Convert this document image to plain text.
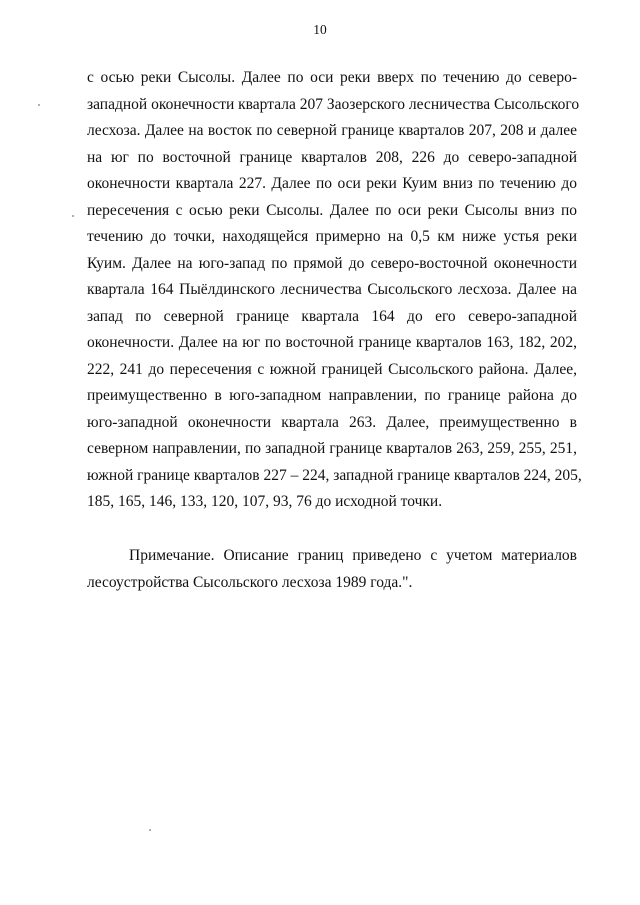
10
с осью реки Сысолы. Далее по оси реки вверх по течению до северо-
западной оконечности квартала 207 Заозерского лесничества Сысольского
лесхоза. Далее на восток по северной границе кварталов 207, 208 и далее
на юг по восточной границе кварталов 208, 226 до северо-западной
оконечности квартала 227. Далее по оси реки Куим вниз по течению до
пересечения с осью реки Сысолы. Далее по оси реки Сысолы вниз по
течению до точки, находящейся примерно на 0,5 км ниже устья реки
Куим. Далее на юго-запад по прямой до северо-восточной оконечности
квартала 164 Пыёлдинского лесничества Сысольского лесхоза. Далее на
запад по северной границе квартала 164 до его северо-западной
оконечности. Далее на юг по восточной границе кварталов 163, 182, 202,
222, 241 до пересечения с южной границей Сысольского района. Далее,
преимущественно в юго-западном направлении, по границе района до
юго-западной оконечности квартала 263. Далее, преимущественно в
северном направлении, по западной границе кварталов 263, 259, 255, 251,
южной границе кварталов 227 – 224, западной границе кварталов 224, 205,
185, 165, 146, 133, 120, 107, 93, 76 до исходной точки.
Примечание. Описание границ приведено с учетом материалов
лесоустройства Сысольского лесхоза 1989 года.".
